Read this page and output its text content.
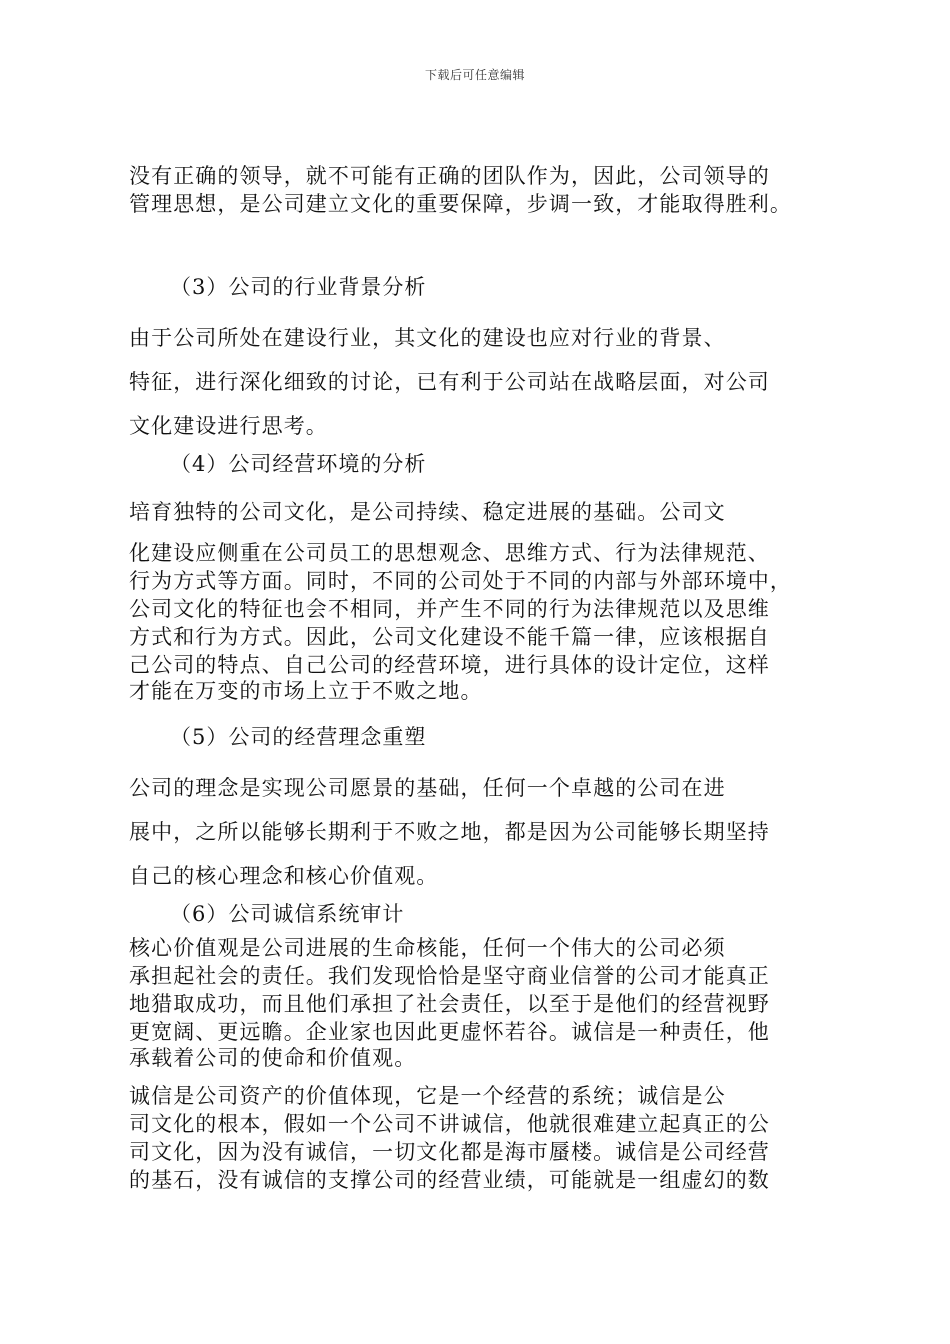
下载后可任意编辑
没有正确的领导，就不可能有正确的团队作为，因此，公司领导的
管理思想，是公司建立文化的重要保障，步调一致，才能取得胜利。
（3）公司的行业背景分析
由于公司所处在建设行业，其文化的建设也应对行业的背景、
特征，进行深化细致的讨论，已有利于公司站在战略层面，对公司
文化建设进行思考。
（4）公司经营环境的分析
培育独特的公司文化，是公司持续、稳定进展的基础。公司文
化建设应侧重在公司员工的思想观念、思维方式、行为法律规范、
行为方式等方面。同时，不同的公司处于不同的内部与外部环境中，
公司文化的特征也会不相同，并产生不同的行为法律规范以及思维
方式和行为方式。因此，公司文化建设不能千篇一律，应该根据自
己公司的特点、自己公司的经营环境，进行具体的设计定位，这样
才能在万变的市场上立于不败之地。
（5）公司的经营理念重塑
公司的理念是实现公司愿景的基础，任何一个卓越的公司在进
展中，之所以能够长期利于不败之地，都是因为公司能够长期坚持
自己的核心理念和核心价值观。
（6）公司诚信系统审计
核心价值观是公司进展的生命核能，任何一个伟大的公司必须
承担起社会的责任。我们发现恰恰是坚守商业信誉的公司才能真正
地猎取成功，而且他们承担了社会责任，以至于是他们的经营视野
更宽阔、更远瞻。企业家也因此更虚怀若谷。诚信是一种责任，他
承载着公司的使命和价值观。
诚信是公司资产的价值体现，它是一个经营的系统；诚信是公
司文化的根本，假如一个公司不讲诚信，他就很难建立起真正的公
司文化，因为没有诚信，一切文化都是海市蜃楼。诚信是公司经营
的基石，没有诚信的支撑公司的经营业绩，可能就是一组虚幻的数
